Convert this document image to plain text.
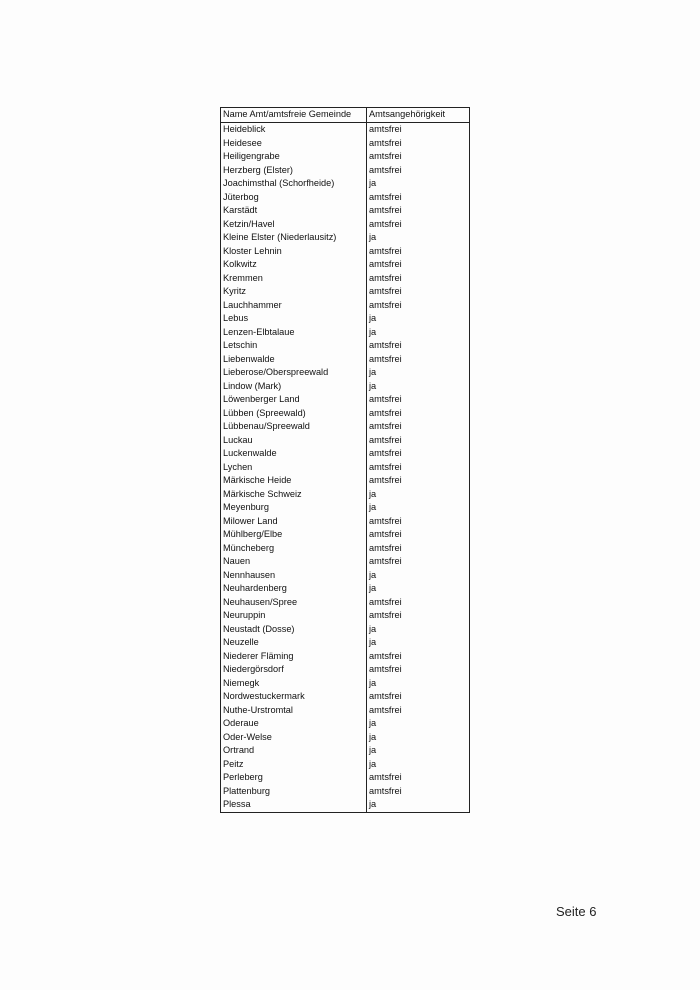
Name Amt/amtsfreie Gemeinde	Amtsangehörigkeit
Heideblick	amtsfrei
Heidesee	amtsfrei
Heiligengrabe	amtsfrei
Herzberg (Elster)	amtsfrei
Joachimsthal (Schorfheide)	ja
Jüterbog	amtsfrei
Karstädt	amtsfrei
Ketzin/Havel	amtsfrei
Kleine Elster (Niederlausitz)	ja
Kloster Lehnin	amtsfrei
Kolkwitz	amtsfrei
Kremmen	amtsfrei
Kyritz	amtsfrei
Lauchhammer	amtsfrei
Lebus	ja
Lenzen-Elbtalaue	ja
Letschin	amtsfrei
Liebenwalde	amtsfrei
Lieberose/Oberspreewald	ja
Lindow (Mark)	ja
Löwenberger Land	amtsfrei
Lübben (Spreewald)	amtsfrei
Lübbenau/Spreewald	amtsfrei
Luckau	amtsfrei
Luckenwalde	amtsfrei
Lychen	amtsfrei
Märkische Heide	amtsfrei
Märkische Schweiz	ja
Meyenburg	ja
Milower Land	amtsfrei
Mühlberg/Elbe	amtsfrei
Müncheberg	amtsfrei
Nauen	amtsfrei
Nennhausen	ja
Neuhardenberg	ja
Neuhausen/Spree	amtsfrei
Neuruppin	amtsfrei
Neustadt (Dosse)	ja
Neuzelle	ja
Niederer Fläming	amtsfrei
Niedergörsdorf	amtsfrei
Niemegk	ja
Nordwestuckermark	amtsfrei
Nuthe-Urstromtal	amtsfrei
Oderaue	ja
Oder-Welse	ja
Ortrand	ja
Peitz	ja
Perleberg	amtsfrei
Plattenburg	amtsfrei
Plessa	ja
Seite 6
